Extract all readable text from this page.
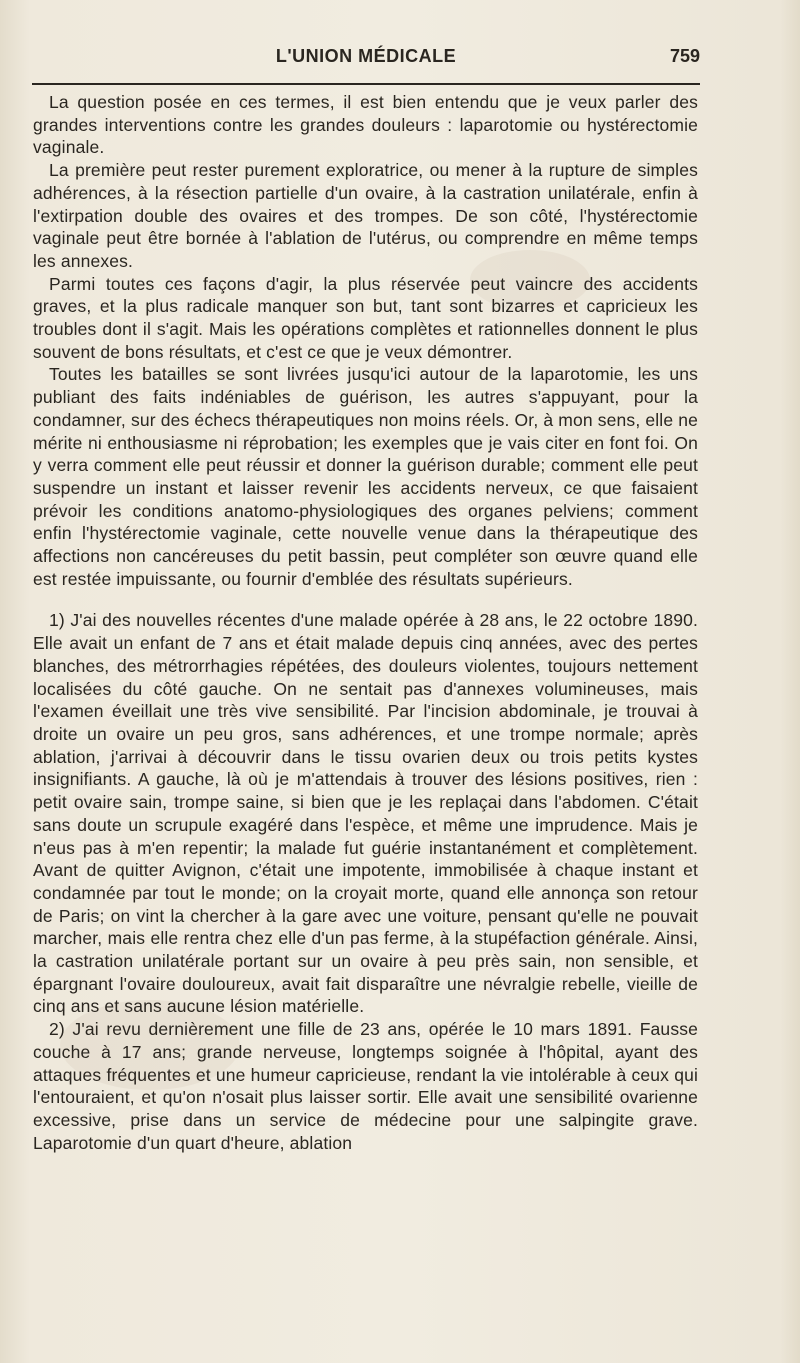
L'UNION MÉDICALE	759

La question posée en ces termes, il est bien entendu que je veux parler des grandes interventions contre les grandes douleurs : laparotomie ou hystérectomie vaginale.

La première peut rester purement exploratrice, ou mener à la rupture de simples adhérences, à la résection partielle d'un ovaire, à la castration unilatérale, enfin à l'extirpation double des ovaires et des trompes. De son côté, l'hystérectomie vaginale peut être bornée à l'ablation de l'utérus, ou comprendre en même temps les annexes.

Parmi toutes ces façons d'agir, la plus réservée peut vaincre des accidents graves, et la plus radicale manquer son but, tant sont bizarres et capricieux les troubles dont il s'agit. Mais les opérations complètes et rationnelles donnent le plus souvent de bons résultats, et c'est ce que je veux démontrer.

Toutes les batailles se sont livrées jusqu'ici autour de la laparotomie, les uns publiant des faits indéniables de guérison, les autres s'appuyant, pour la condamner, sur des échecs thérapeutiques non moins réels. Or, à mon sens, elle ne mérite ni enthousiasme ni réprobation; les exemples que je vais citer en font foi. On y verra comment elle peut réussir et donner la guérison durable; comment elle peut suspendre un instant et laisser revenir les accidents nerveux, ce que faisaient prévoir les conditions anatomo-physiologiques des organes pelviens; comment enfin l'hystérectomie vaginale, cette nouvelle venue dans la thérapeutique des affections non cancéreuses du petit bassin, peut compléter son œuvre quand elle est restée impuissante, ou fournir d'emblée des résultats supérieurs.

1) J'ai des nouvelles récentes d'une malade opérée à 28 ans, le 22 octobre 1890. Elle avait un enfant de 7 ans et était malade depuis cinq années, avec des pertes blanches, des métrorrhagies répétées, des douleurs violentes, toujours nettement localisées du côté gauche. On ne sentait pas d'annexes volumineuses, mais l'examen éveillait une très vive sensibilité. Par l'incision abdominale, je trouvai à droite un ovaire un peu gros, sans adhérences, et une trompe normale; après ablation, j'arrivai à découvrir dans le tissu ovarien deux ou trois petits kystes insignifiants. A gauche, là où je m'attendais à trouver des lésions positives, rien : petit ovaire sain, trompe saine, si bien que je les replaçai dans l'abdomen. C'était sans doute un scrupule exagéré dans l'espèce, et même une imprudence. Mais je n'eus pas à m'en repentir; la malade fut guérie instantanément et complètement. Avant de quitter Avignon, c'était une impotente, immobilisée à chaque instant et condamnée par tout le monde; on la croyait morte, quand elle annonça son retour de Paris; on vint la chercher à la gare avec une voiture, pensant qu'elle ne pouvait marcher, mais elle rentra chez elle d'un pas ferme, à la stupéfaction générale. Ainsi, la castration unilatérale portant sur un ovaire à peu près sain, non sensible, et épargnant l'ovaire douloureux, avait fait disparaître une névralgie rebelle, vieille de cinq ans et sans aucune lésion matérielle.

2) J'ai revu dernièrement une fille de 23 ans, opérée le 10 mars 1891. Fausse couche à 17 ans; grande nerveuse, longtemps soignée à l'hôpital, ayant des attaques fréquentes et une humeur capricieuse, rendant la vie intolérable à ceux qui l'entouraient, et qu'on n'osait plus laisser sortir. Elle avait une sensibilité ovarienne excessive, prise dans un service de médecine pour une salpingite grave. Laparotomie d'un quart d'heure, ablation
